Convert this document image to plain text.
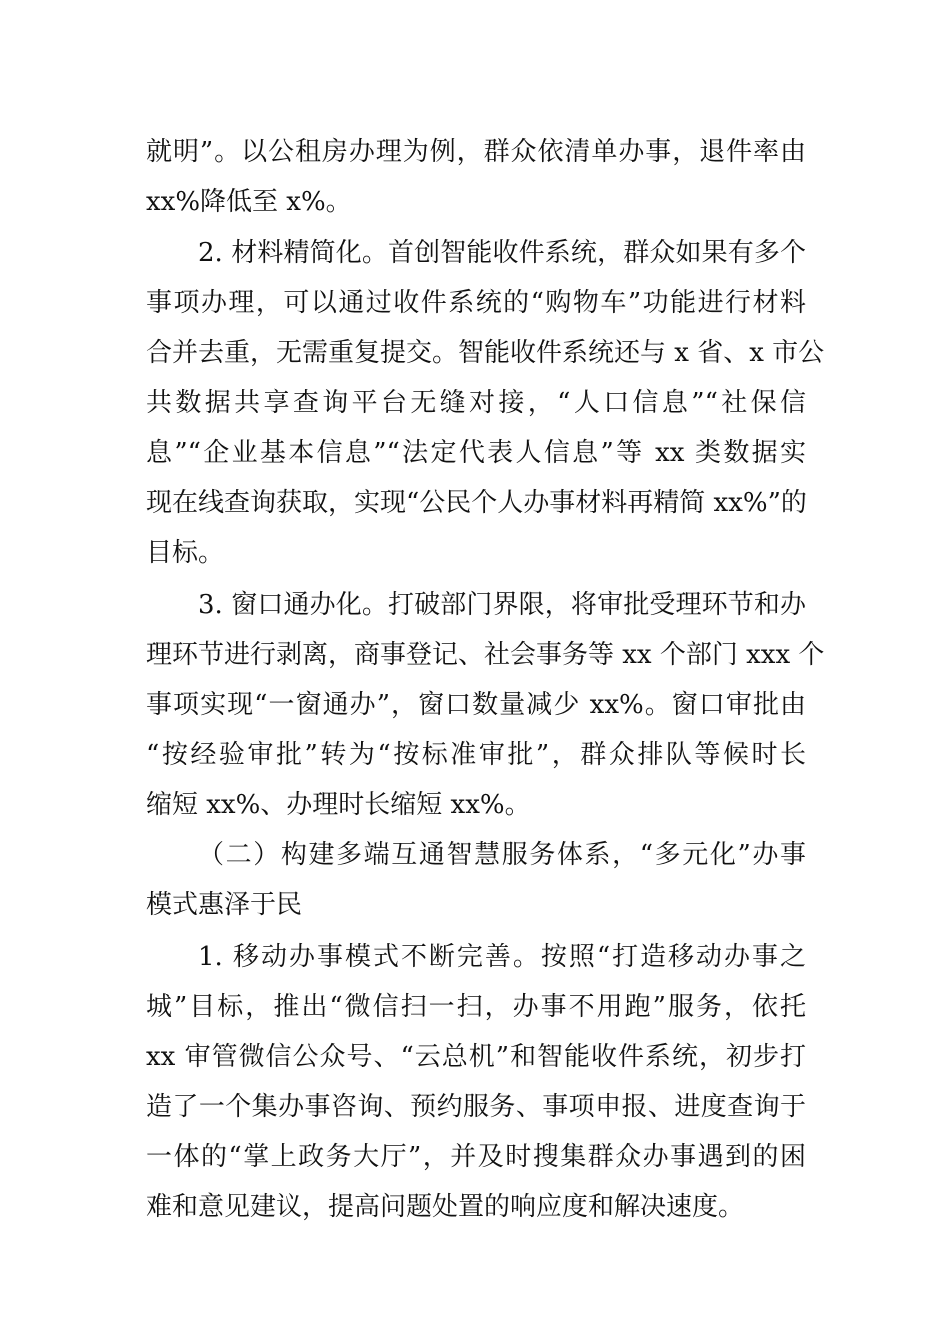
就明”。以公租房办理为例，群众依清单办事，退件率由
xx%降低至 x%。
2. 材料精简化。首创智能收件系统，群众如果有多个
事项办理，可以通过收件系统的“购物车”功能进行材料
合并去重，无需重复提交。智能收件系统还与 x 省、x 市公
共数据共享查询平台无缝对接，“人口信息”“社保信
息”“企业基本信息”“法定代表人信息”等 xx 类数据实
现在线查询获取，实现“公民个人办事材料再精简 xx%”的
目标。
3. 窗口通办化。打破部门界限，将审批受理环节和办
理环节进行剥离，商事登记、社会事务等 xx 个部门 xxx 个
事项实现“一窗通办”，窗口数量减少 xx%。窗口审批由
“按经验审批”转为“按标准审批”，群众排队等候时长
缩短 xx%、办理时长缩短 xx%。
（二）构建多端互通智慧服务体系，“多元化”办事
模式惠泽于民
1. 移动办事模式不断完善。按照“打造移动办事之
城”目标，推出“微信扫一扫，办事不用跑”服务，依托
xx 审管微信公众号、“云总机”和智能收件系统，初步打
造了一个集办事咨询、预约服务、事项申报、进度查询于
一体的“掌上政务大厅”，并及时搜集群众办事遇到的困
难和意见建议，提高问题处置的响应度和解决速度。
